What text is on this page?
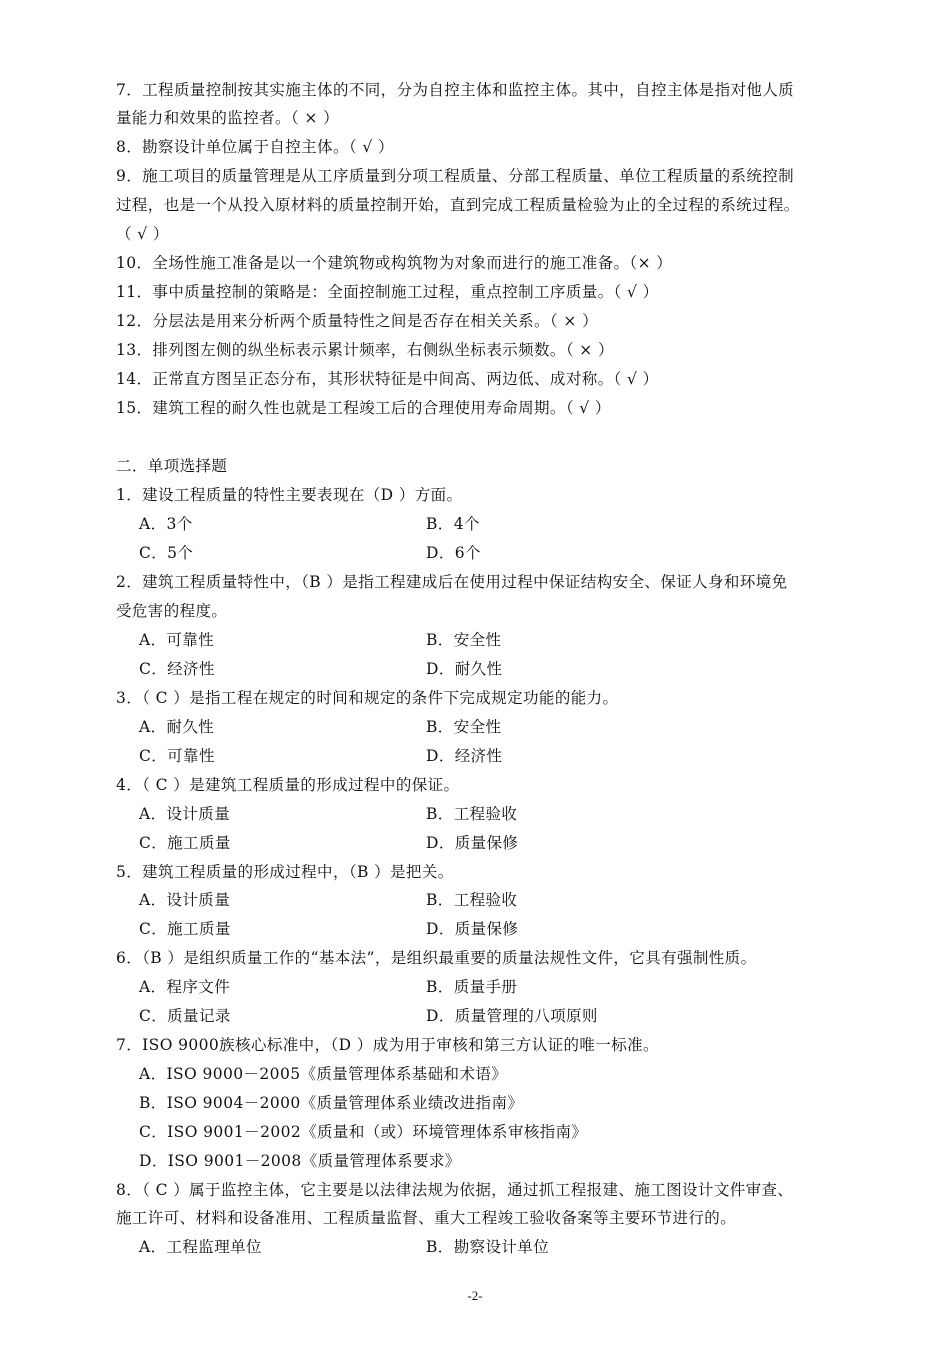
7．工程质量控制按其实施主体的不同，分为自控主体和监控主体。其中，自控主体是指对他人质
量能力和效果的监控者。（ × ）
8．勘察设计单位属于自控主体。（ √ ）
9．施工项目的质量管理是从工序质量到分项工程质量、分部工程质量、单位工程质量的系统控制
过程，也是一个从投入原材料的质量控制开始，直到完成工程质量检验为止的全过程的系统过程。
（ √ ）
10．全场性施工准备是以一个建筑物或构筑物为对象而进行的施工准备。（× ）
11．事中质量控制的策略是：全面控制施工过程，重点控制工序质量。（ √ ）
12．分层法是用来分析两个质量特性之间是否存在相关关系。（ × ）
13．排列图左侧的纵坐标表示累计频率，右侧纵坐标表示频数。（ × ）
14．正常直方图呈正态分布，其形状特征是中间高、两边低、成对称。（ √ ）
15．建筑工程的耐久性也就是工程竣工后的合理使用寿命周期。（ √ ）
二．单项选择题
1．建设工程质量的特性主要表现在（D ）方面。
A．3个	B．4个
C．5个	D．6个
2．建筑工程质量特性中，（B ）是指工程建成后在使用过程中保证结构安全、保证人身和环境免
受危害的程度。
A．可靠性	B．安全性
C．经济性	D．耐久性
3．（ C ）是指工程在规定的时间和规定的条件下完成规定功能的能力。
A．耐久性	B．安全性
C．可靠性	D．经济性
4．（ C ）是建筑工程质量的形成过程中的保证。
A．设计质量	B．工程验收
C．施工质量	D．质量保修
5．建筑工程质量的形成过程中，（B ）是把关。
A．设计质量	B．工程验收
C．施工质量	D．质量保修
6．（B ）是组织质量工作的“基本法”，是组织最重要的质量法规性文件，它具有强制性质。
A．程序文件	B．质量手册
C．质量记录	D．质量管理的八项原则
7．ISO 9000族核心标准中，（D ）成为用于审核和第三方认证的唯一标准。
A．ISO 9000－2005《质量管理体系基础和术语》
B．ISO 9004－2000《质量管理体系业绩改进指南》
C．ISO 9001－2002《质量和（或）环境管理体系审核指南》
D．ISO 9001－2008《质量管理体系要求》
8．（ C ）属于监控主体，它主要是以法律法规为依据，通过抓工程报建、施工图设计文件审查、
施工许可、材料和设备准用、工程质量监督、重大工程竣工验收备案等主要环节进行的。
A．工程监理单位	B．勘察设计单位
-2-
